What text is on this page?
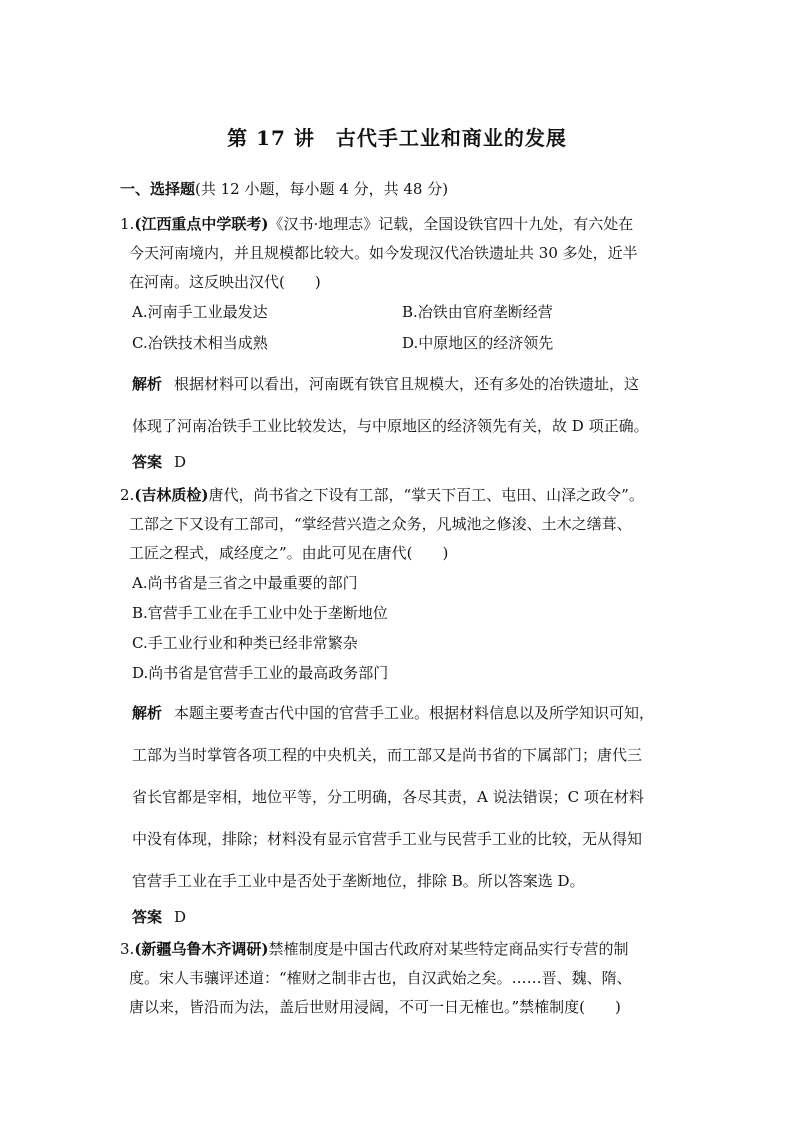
第 17 讲　古代手工业和商业的发展
一、选择题(共 12 小题，每小题 4 分，共 48 分)

1.(江西重点中学联考)《汉书·地理志》记载，全国设铁官四十九处，有六处在
今天河南境内，并且规模都比较大。如今发现汉代冶铁遗址共 30 多处，近半
在河南。这反映出汉代(　　)

A.河南手工业最发达	B.冶铁由官府垄断经营
C.冶铁技术相当成熟	D.中原地区的经济领先
解析 根据材料可以看出，河南既有铁官且规模大，还有多处的冶铁遗址，这
体现了河南冶铁手工业比较发达，与中原地区的经济领先有关，故 D 项正确。
答案 D

2.(吉林质检)唐代，尚书省之下设有工部，“掌天下百工、屯田、山泽之政令”。
工部之下又设有工部司，“掌经营兴造之众务，凡城池之修浚、土木之缮葺、
工匠之程式，咸经度之”。由此可见在唐代(　　)

A.尚书省是三省之中最重要的部门
B.官营手工业在手工业中处于垄断地位
C.手工业行业和种类已经非常繁杂
D.尚书省是官营手工业的最高政务部门
解析 本题主要考查古代中国的官营手工业。根据材料信息以及所学知识可知，
工部为当时掌管各项工程的中央机关，而工部又是尚书省的下属部门；唐代三
省长官都是宰相，地位平等，分工明确，各尽其责，A 说法错误；C 项在材料
中没有体现，排除；材料没有显示官营手工业与民营手工业的比较，无从得知
官营手工业在手工业中是否处于垄断地位，排除 B。所以答案选 D。
答案 D

3.(新疆乌鲁木齐调研)禁榷制度是中国古代政府对某些特定商品实行专营的制
度。宋人韦骧评述道：“榷财之制非古也，自汉武始之矣。……晋、魏、隋、
唐以来，皆沿而为法，盖后世财用浸阔，不可一日无榷也。”禁榷制度(　　)
